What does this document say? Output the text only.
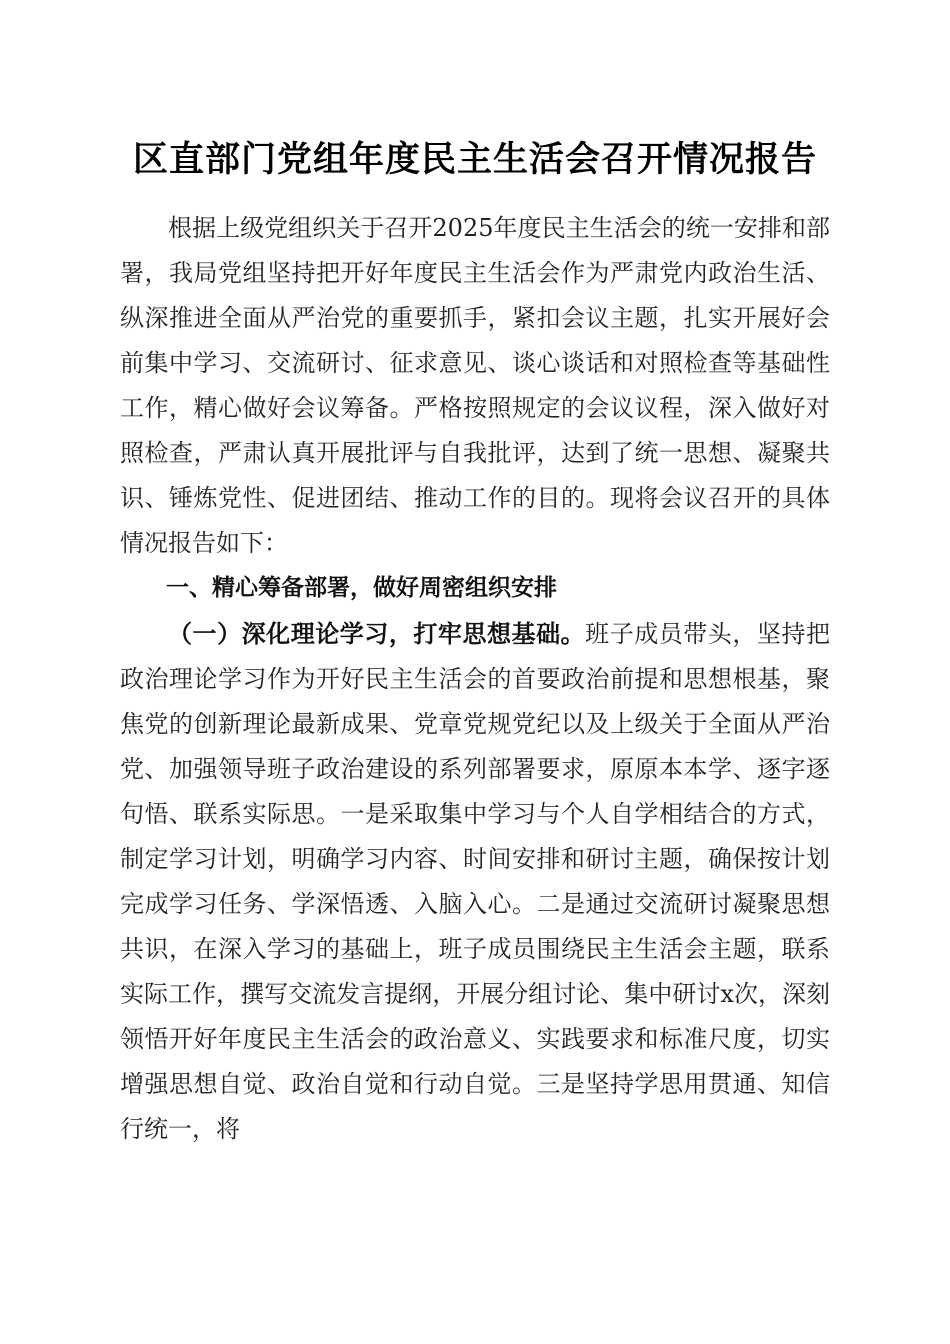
区直部门党组年度民主生活会召开情况报告

根据上级党组织关于召开2025年度民主生活会的统一安排和部署，我局党组坚持把开好年度民主生活会作为严肃党内政治生活、纵深推进全面从严治党的重要抓手，紧扣会议主题，扎实开展好会前集中学习、交流研讨、征求意见、谈心谈话和对照检查等基础性工作，精心做好会议筹备。严格按照规定的会议议程，深入做好对照检查，严肃认真开展批评与自我批评，达到了统一思想、凝聚共识、锤炼党性、促进团结、推动工作的目的。现将会议召开的具体情况报告如下：

一、精心筹备部署，做好周密组织安排

（一）深化理论学习，打牢思想基础。班子成员带头，坚持把政治理论学习作为开好民主生活会的首要政治前提和思想根基，聚焦党的创新理论最新成果、党章党规党纪以及上级关于全面从严治党、加强领导班子政治建设的系列部署要求，原原本本学、逐字逐句悟、联系实际思。一是采取集中学习与个人自学相结合的方式，制定学习计划，明确学习内容、时间安排和研讨主题，确保按计划完成学习任务、学深悟透、入脑入心。二是通过交流研讨凝聚思想共识，在深入学习的基础上，班子成员围绕民主生活会主题，联系实际工作，撰写交流发言提纲，开展分组讨论、集中研讨x次，深刻领悟开好年度民主生活会的政治意义、实践要求和标准尺度，切实增强思想自觉、政治自觉和行动自觉。三是坚持学思用贯通、知信行统一，将
